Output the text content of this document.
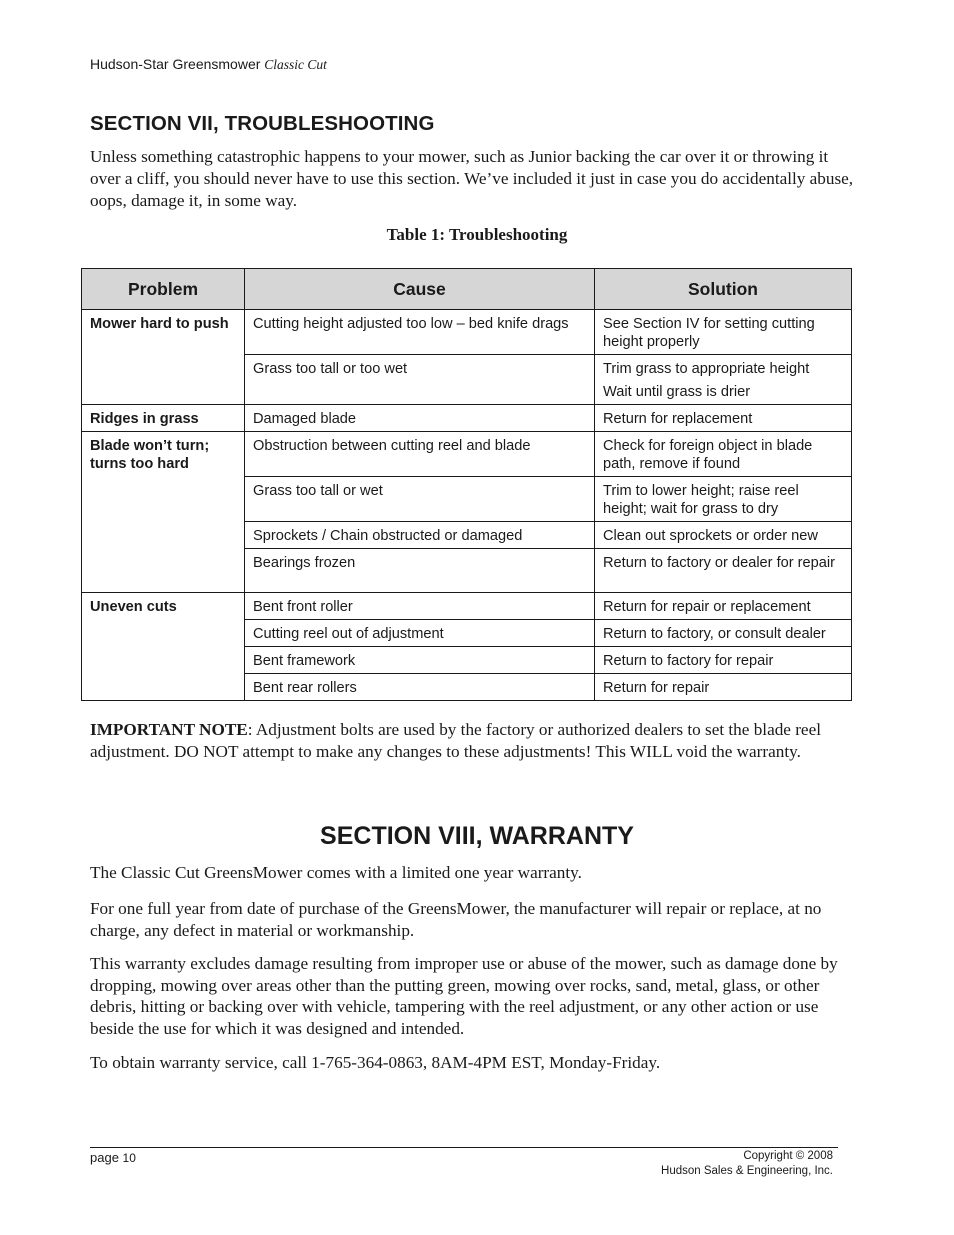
Hudson-Star Greensmower Classic Cut
SECTION VII, TROUBLESHOOTING

Unless something catastrophic happens to your mower, such as Junior backing the car over it or throwing it over a cliff, you should never have to use this section. We’ve included it just in case you do accidentally abuse, oops, damage it, in some way.

Table 1: Troubleshooting
Problem	Cause	Solution
Mower hard to push	Cutting height adjusted too low – bed knife drags	See Section IV for setting cutting height properly
	Grass too tall or too wet	Trim grass to appropriate height
Wait until grass is drier

Ridges in grass	Damaged blade	Return for replacement
Blade won’t turn; turns too hard	Obstruction between cutting reel and blade	Check for foreign object in blade path, remove if found
	Grass too tall or wet	Trim to lower height; raise reel height; wait for grass to dry
	Sprockets / Chain obstructed or damaged	Clean out sprockets or order new
	Bearings frozen	Return to factory or dealer for repair
Uneven cuts	Bent front roller	Return for repair or replacement
	Cutting reel out of adjustment	Return to factory, or consult dealer
	Bent framework	Return to factory for repair
	Bent rear rollers	Return for repair

IMPORTANT NOTE: Adjustment bolts are used by the factory or authorized dealers to set the blade reel adjustment. DO NOT attempt to make any changes to these adjustments! This WILL void the warranty.

SECTION VIII, WARRANTY

The Classic Cut GreensMower comes with a limited one year warranty.

For one full year from date of purchase of the GreensMower, the manufacturer will repair or replace, at no charge, any defect in material or workmanship.

This warranty excludes damage resulting from improper use or abuse of the mower, such as damage done by dropping, mowing over areas other than the putting green, mowing over rocks, sand, metal, glass, or other debris, hitting or backing over with vehicle, tampering with the reel adjustment, or any other action or use beside the use for which it was designed and intended.

To obtain warranty service, call 1-765-364-0863, 8AM-4PM EST, Monday-Friday.

page 10	Copyright © 2008
Hudson Sales & Engineering, Inc.
